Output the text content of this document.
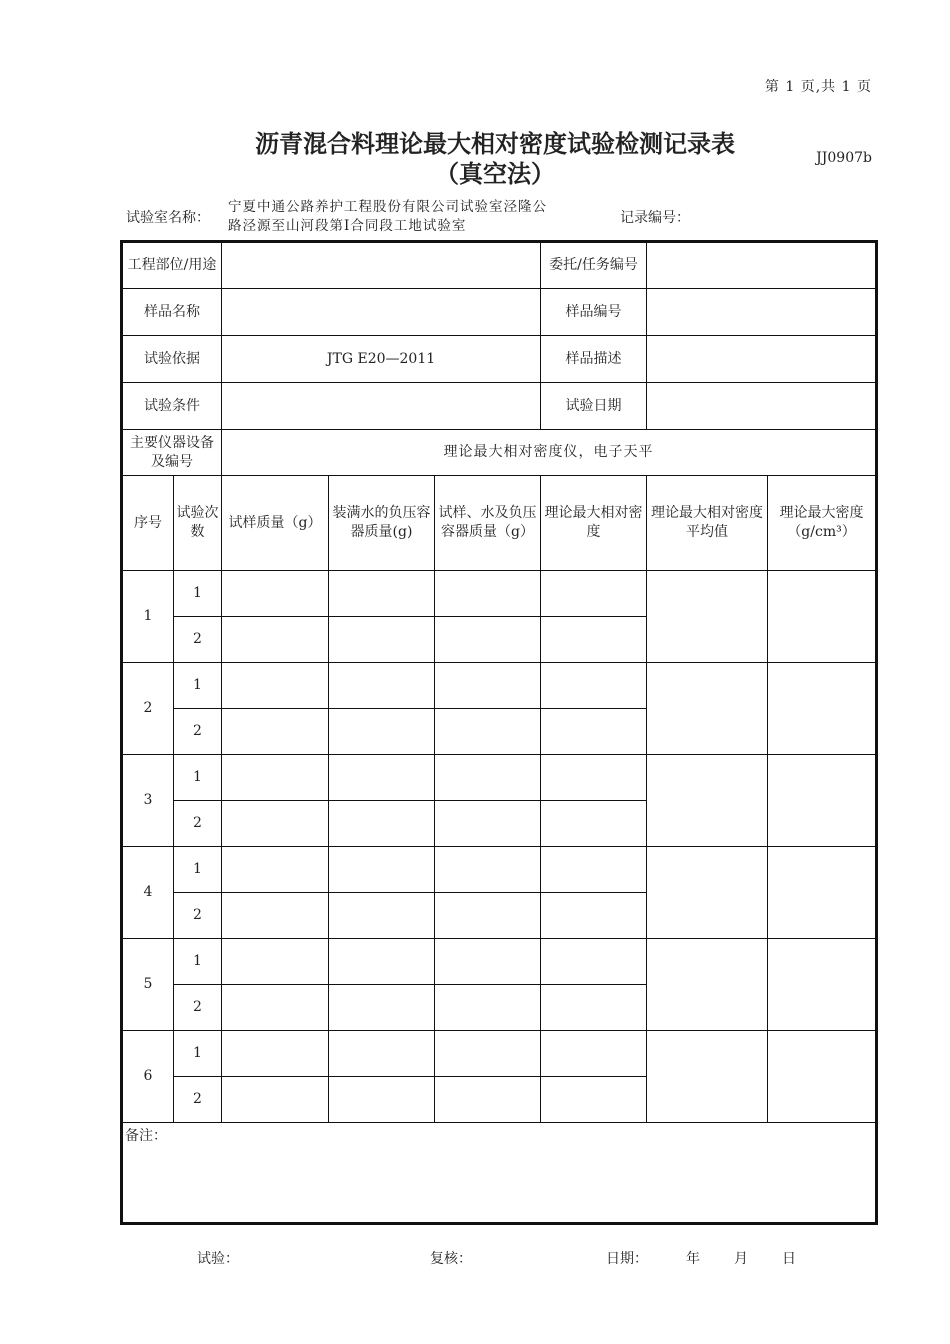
第 1 页,共 1 页
沥青混合料理论最大相对密度试验检测记录表
（真空法）
JJ0907b
试验室名称：
宁夏中通公路养护工程股份有限公司试验室泾隆公
路泾源至山河段第Ⅰ合同段工地试验室	记录编号：
工程部位/用途					委托/任务编号		
样品名称					样品编号		
试验依据		JTG E20—2011			样品描述		
试验条件					试验日期		
主要仪器设备及编号		理论最大相对密度仪，电子天平					
序号	试验次数	试样质量（g）	装满水的负压容器质量(g)	试样、水及负压容器质量（g）	理论最大相对密度	理论最大相对密度平均值	理论最大密度（g/cm³）
1	1						
	2						
2	1						
	2						
3	1						
	2						
4	1						
	2						
5	1						
	2						
6	1						
	2						
备注：							
试验：	复核：	日期：	年 月 日
